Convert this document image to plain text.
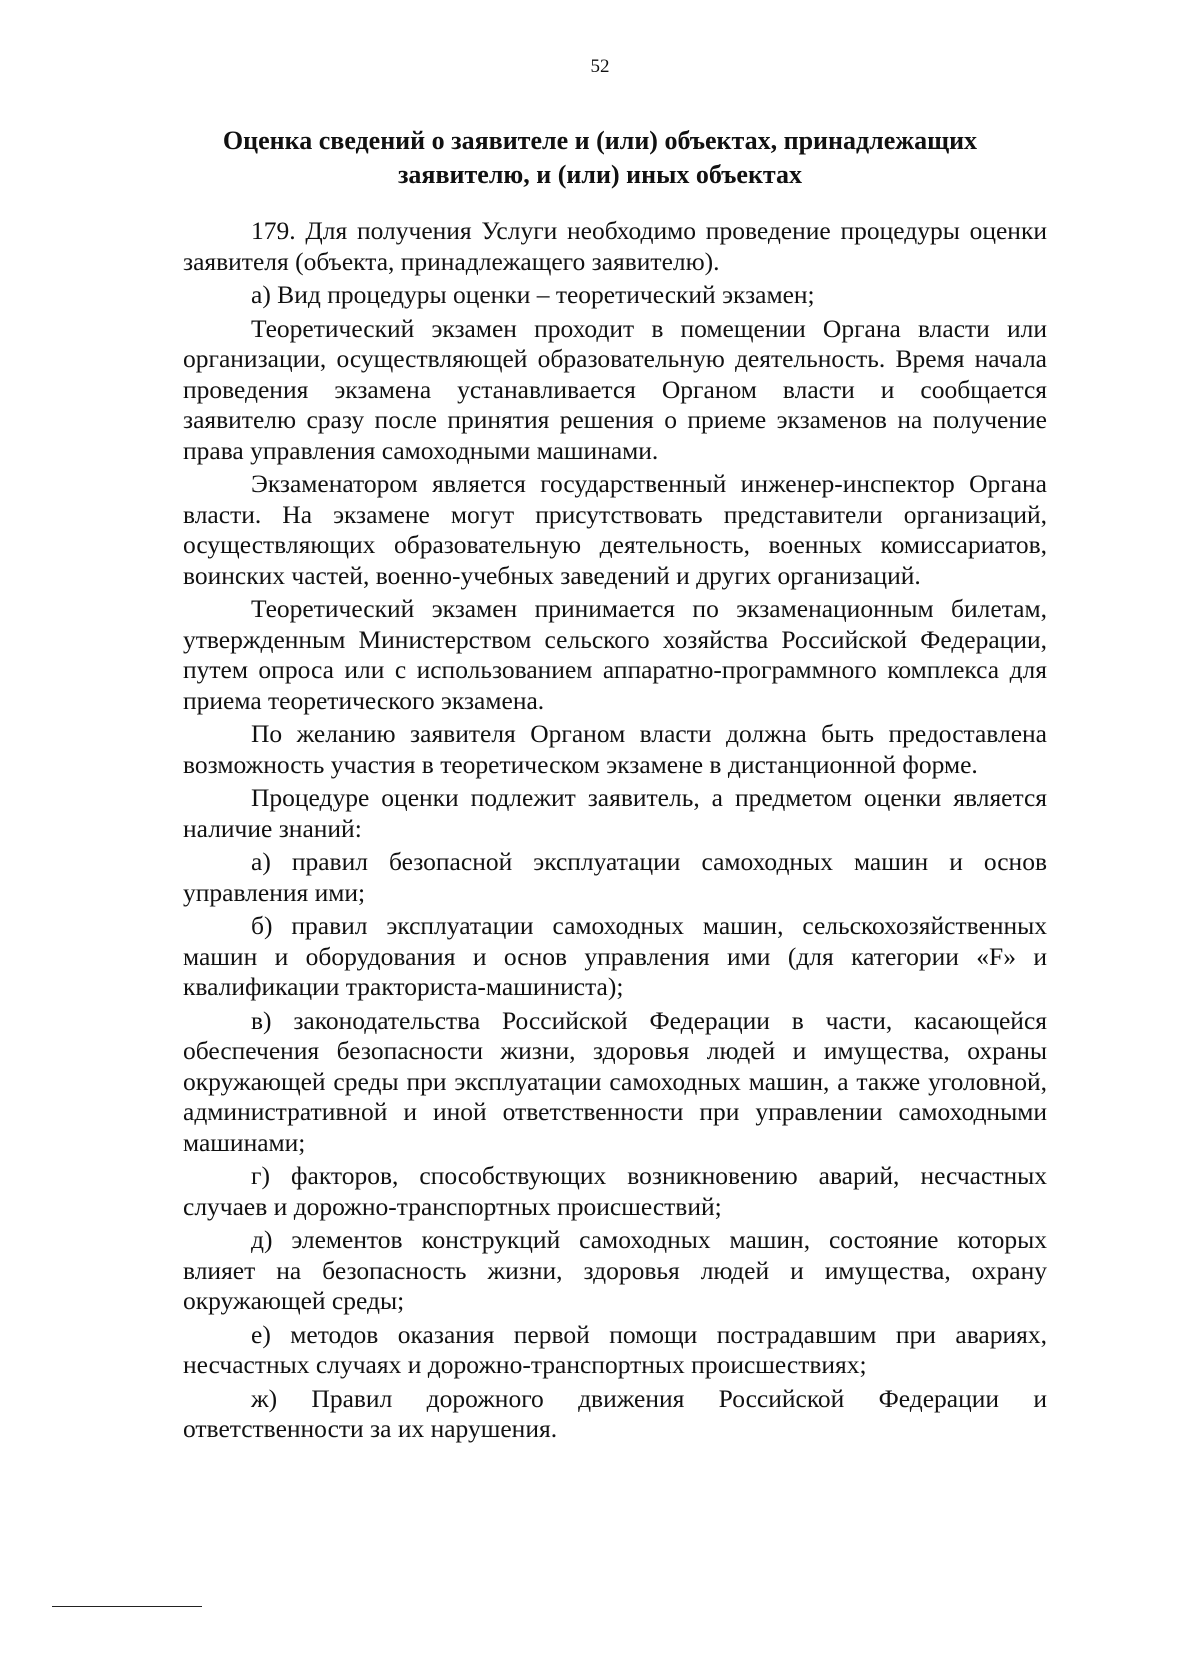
52
Оценка сведений о заявителе и (или) объектах, принадлежащих
заявителю, и (или) иных объектах

179. Для получения Услуги необходимо проведение процедуры оценки заявителя (объекта, принадлежащего заявителю).

а) Вид процедуры оценки – теоретический экзамен;

Теоретический экзамен проходит в помещении Органа власти или организации, осуществляющей образовательную деятельность. Время начала проведения экзамена устанавливается Органом власти и сообщается заявителю сразу после принятия решения о приеме экзаменов на получение права управления самоходными машинами.

Экзаменатором является государственный инженер-инспектор Органа власти. На экзамене могут присутствовать представители организаций, осуществляющих образовательную деятельность, военных комиссариатов, воинских частей, военно-учебных заведений и других организаций.

Теоретический экзамен принимается по экзаменационным билетам, утвержденным Министерством сельского хозяйства Российской Федерации, путем опроса или с использованием аппаратно-программного комплекса для приема теоретического экзамена.

По желанию заявителя Органом власти должна быть предоставлена возможность участия в теоретическом экзамене в дистанционной форме.

Процедуре оценки подлежит заявитель, а предметом оценки является наличие знаний:

а) правил безопасной эксплуатации самоходных машин и основ управления ими;

б) правил эксплуатации самоходных машин, сельскохозяйственных машин и оборудования и основ управления ими (для категории «F» и квалификации тракториста-машиниста);

в) законодательства Российской Федерации в части, касающейся обеспечения безопасности жизни, здоровья людей и имущества, охраны окружающей среды при эксплуатации самоходных машин, а также уголовной, административной и иной ответственности при управлении самоходными машинами;

г) факторов, способствующих возникновению аварий, несчастных случаев и дорожно-транспортных происшествий;

д) элементов конструкций самоходных машин, состояние которых влияет на безопасность жизни, здоровья людей и имущества, охрану окружающей среды;

е) методов оказания первой помощи пострадавшим при авариях, несчастных случаях и дорожно-транспортных происшествиях;

ж) Правил дорожного движения Российской Федерации и ответственности за их нарушения.
